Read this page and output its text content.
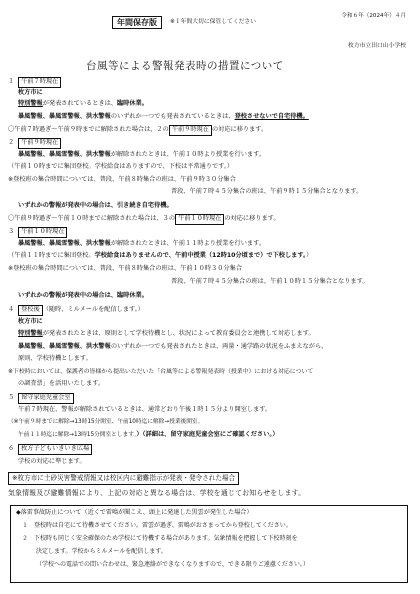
年間保存版	※１年間大切に保管してください
令和６年（2024年）４月
枚方市立田口山小学校
台風等による警報発表時の措置について
１ 午前７時現在
枚方市に
特別警報が発表されているときは、臨時休業。
暴風警報、暴風雪警報、洪水警報のいずれか一つでも発表されているときは、登校させないで自宅待機。
〇午前７時過ぎ～午前９時までに解除された場合は、２の 午前９時現在 の対応に移ります。
２ 午前９時現在
暴風警報、暴風雪警報、洪水警報が解除されたときは、午前１０時より授業を行います。
（午前１０時までに集団登校。学校給食はありますので、下校は平常通りです。）
※登校班の集合時間については、普段、午前８時集合の班は、午前９時３０分集合
普段、午前７時４５分集合の班は、午前９時１５分集合となります。
いずれかの警報が発表中の場合は、引き続き自宅待機。
〇午前９時過ぎ～午前１０時までに解除された場合は、３の 午前１０時現在 の対応に移ります。
３ 午前１０時現在
暴風警報、暴風雪警報、洪水警報が解除されたときは、午前１１時より授業を行います。
（午前１１時までに集団登校。学校給食はありませんので、午前中授業（12時10分頃まで）で下校します。）
※登校班の集合時間については、普段、午前８時集合の班は、午前１０時３０分集合
普段、午前７時４５分集合の班は、午前１０時１５分集合となります。
いずれかの警報が発表中の場合は、臨時休業。
４ 登校後 （随時、ミルメールを配信します。）
枚方市に
特別警報が発表されたときは、原則として学校待機とし、状況によって教育委員会と連携して対応します。
暴風警報、暴風雪警報、洪水警報のいずれか一つでも発表されたときは、両量・通学路の状況をふまえながら、
原則、学校待機とします。
※下校時においては、保護者の皆様から提出いただいた「台風等による警報発表時（授業中）における対応について
の調査票」を活用いたします。
５ 留守家庭児童会室
午前７時現在、警報が解除されているときは、通常どおり午後１時１５分より開室します。
（※午前９時までに解除→13時15分開室、午前10時迄に解除→授業後開室。
午前１１時迄に解除→13時15分開室とします。）（詳細は、留守家庭児童会室にご確認ください。）
６ 枚方子どもいきいき広場
学校の対応に準じます。
※枚方市に土砂災害警戒情報又は校区内に避難指示が発表・発令された場合
気象情報及び避難情報により、上記の対応と異なる場合は、学校を通じてお知らせをします。
◆落雷事故防止について（近くで雷鳴が聞こえ、頭上に発達した黒雲が発生した場合）
１　登校時は自宅にて待機させてください。雷雲が過ぎ、雷鳴がおさまってから登校してください。
２　下校時も同じく安全確保のため学校にて待機する場合があります。気象情報を把握して下校時刻を
決定します。学校からミルメールを配信します。
（学校への電話での問い合わせは、緊急連絡ができなくなりますので、できる限りご遠慮ください。）
